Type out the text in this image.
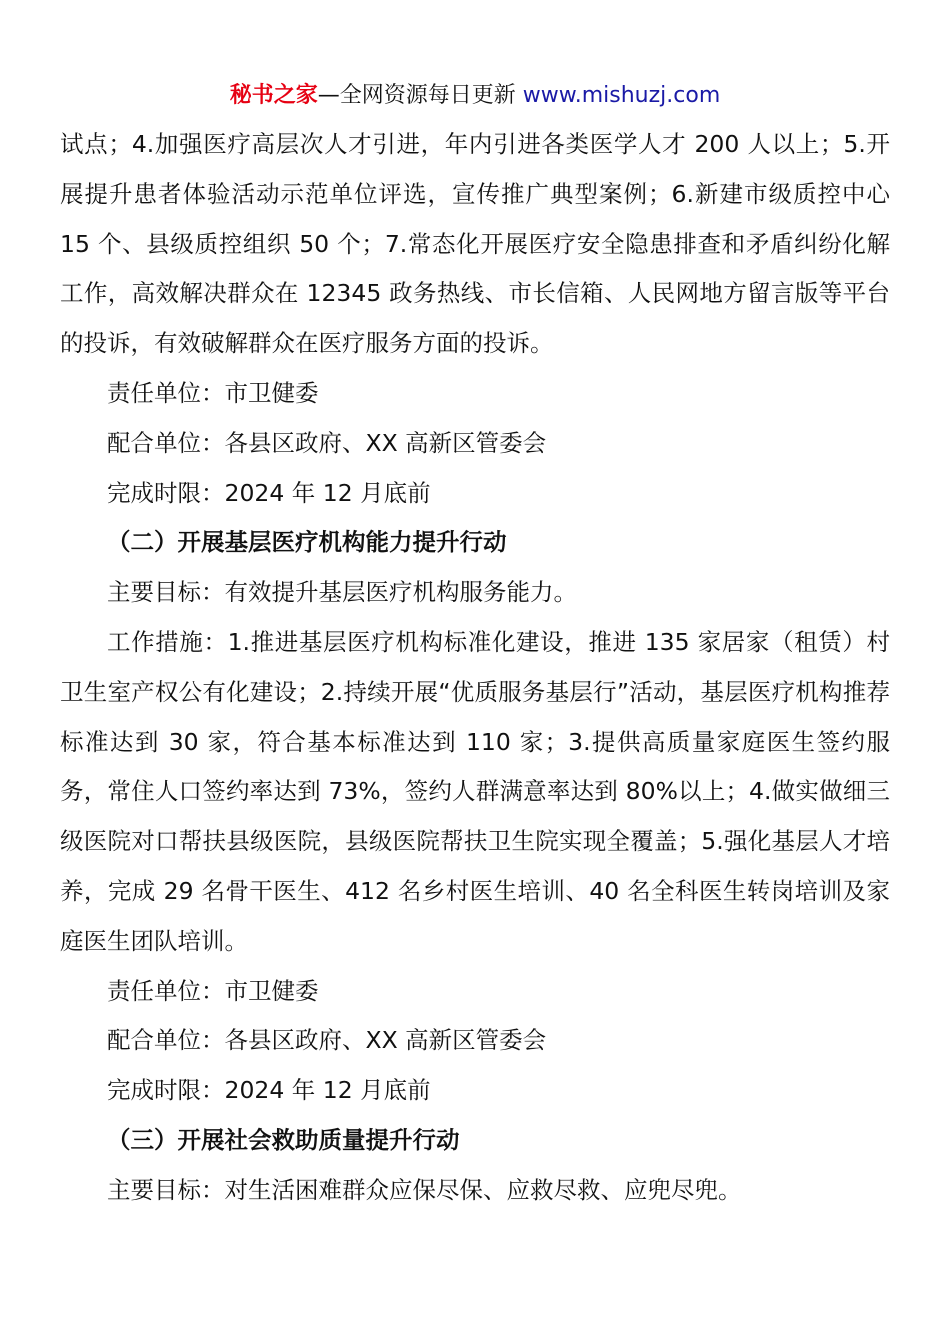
秘书之家—全网资源每日更新 www.mishuzj.com

试点；4.加强医疗高层次人才引进，年内引进各类医学人才 200 人以上；5.开展提升患者体验活动示范单位评选，宣传推广典型案例；6.新建市级质控中心 15 个、县级质控组织 50 个；7.常态化开展医疗安全隐患排查和矛盾纠纷化解工作，高效解决群众在 12345 政务热线、市长信箱、人民网地方留言版等平台的投诉，有效破解群众在医疗服务方面的投诉。

责任单位：市卫健委

配合单位：各县区政府、XX 高新区管委会

完成时限：2024 年 12 月底前

（二）开展基层医疗机构能力提升行动

主要目标：有效提升基层医疗机构服务能力。

工作措施：1.推进基层医疗机构标准化建设，推进 135 家居家（租赁）村卫生室产权公有化建设；2.持续开展“优质服务基层行”活动，基层医疗机构推荐标准达到 30 家，符合基本标准达到 110 家；3.提供高质量家庭医生签约服务，常住人口签约率达到 73%，签约人群满意率达到 80%以上；4.做实做细三级医院对口帮扶县级医院，县级医院帮扶卫生院实现全覆盖；5.强化基层人才培养，完成 29 名骨干医生、412 名乡村医生培训、40 名全科医生转岗培训及家庭医生团队培训。

责任单位：市卫健委

配合单位：各县区政府、XX 高新区管委会

完成时限：2024 年 12 月底前

（三）开展社会救助质量提升行动

主要目标：对生活困难群众应保尽保、应救尽救、应兜尽兜。
